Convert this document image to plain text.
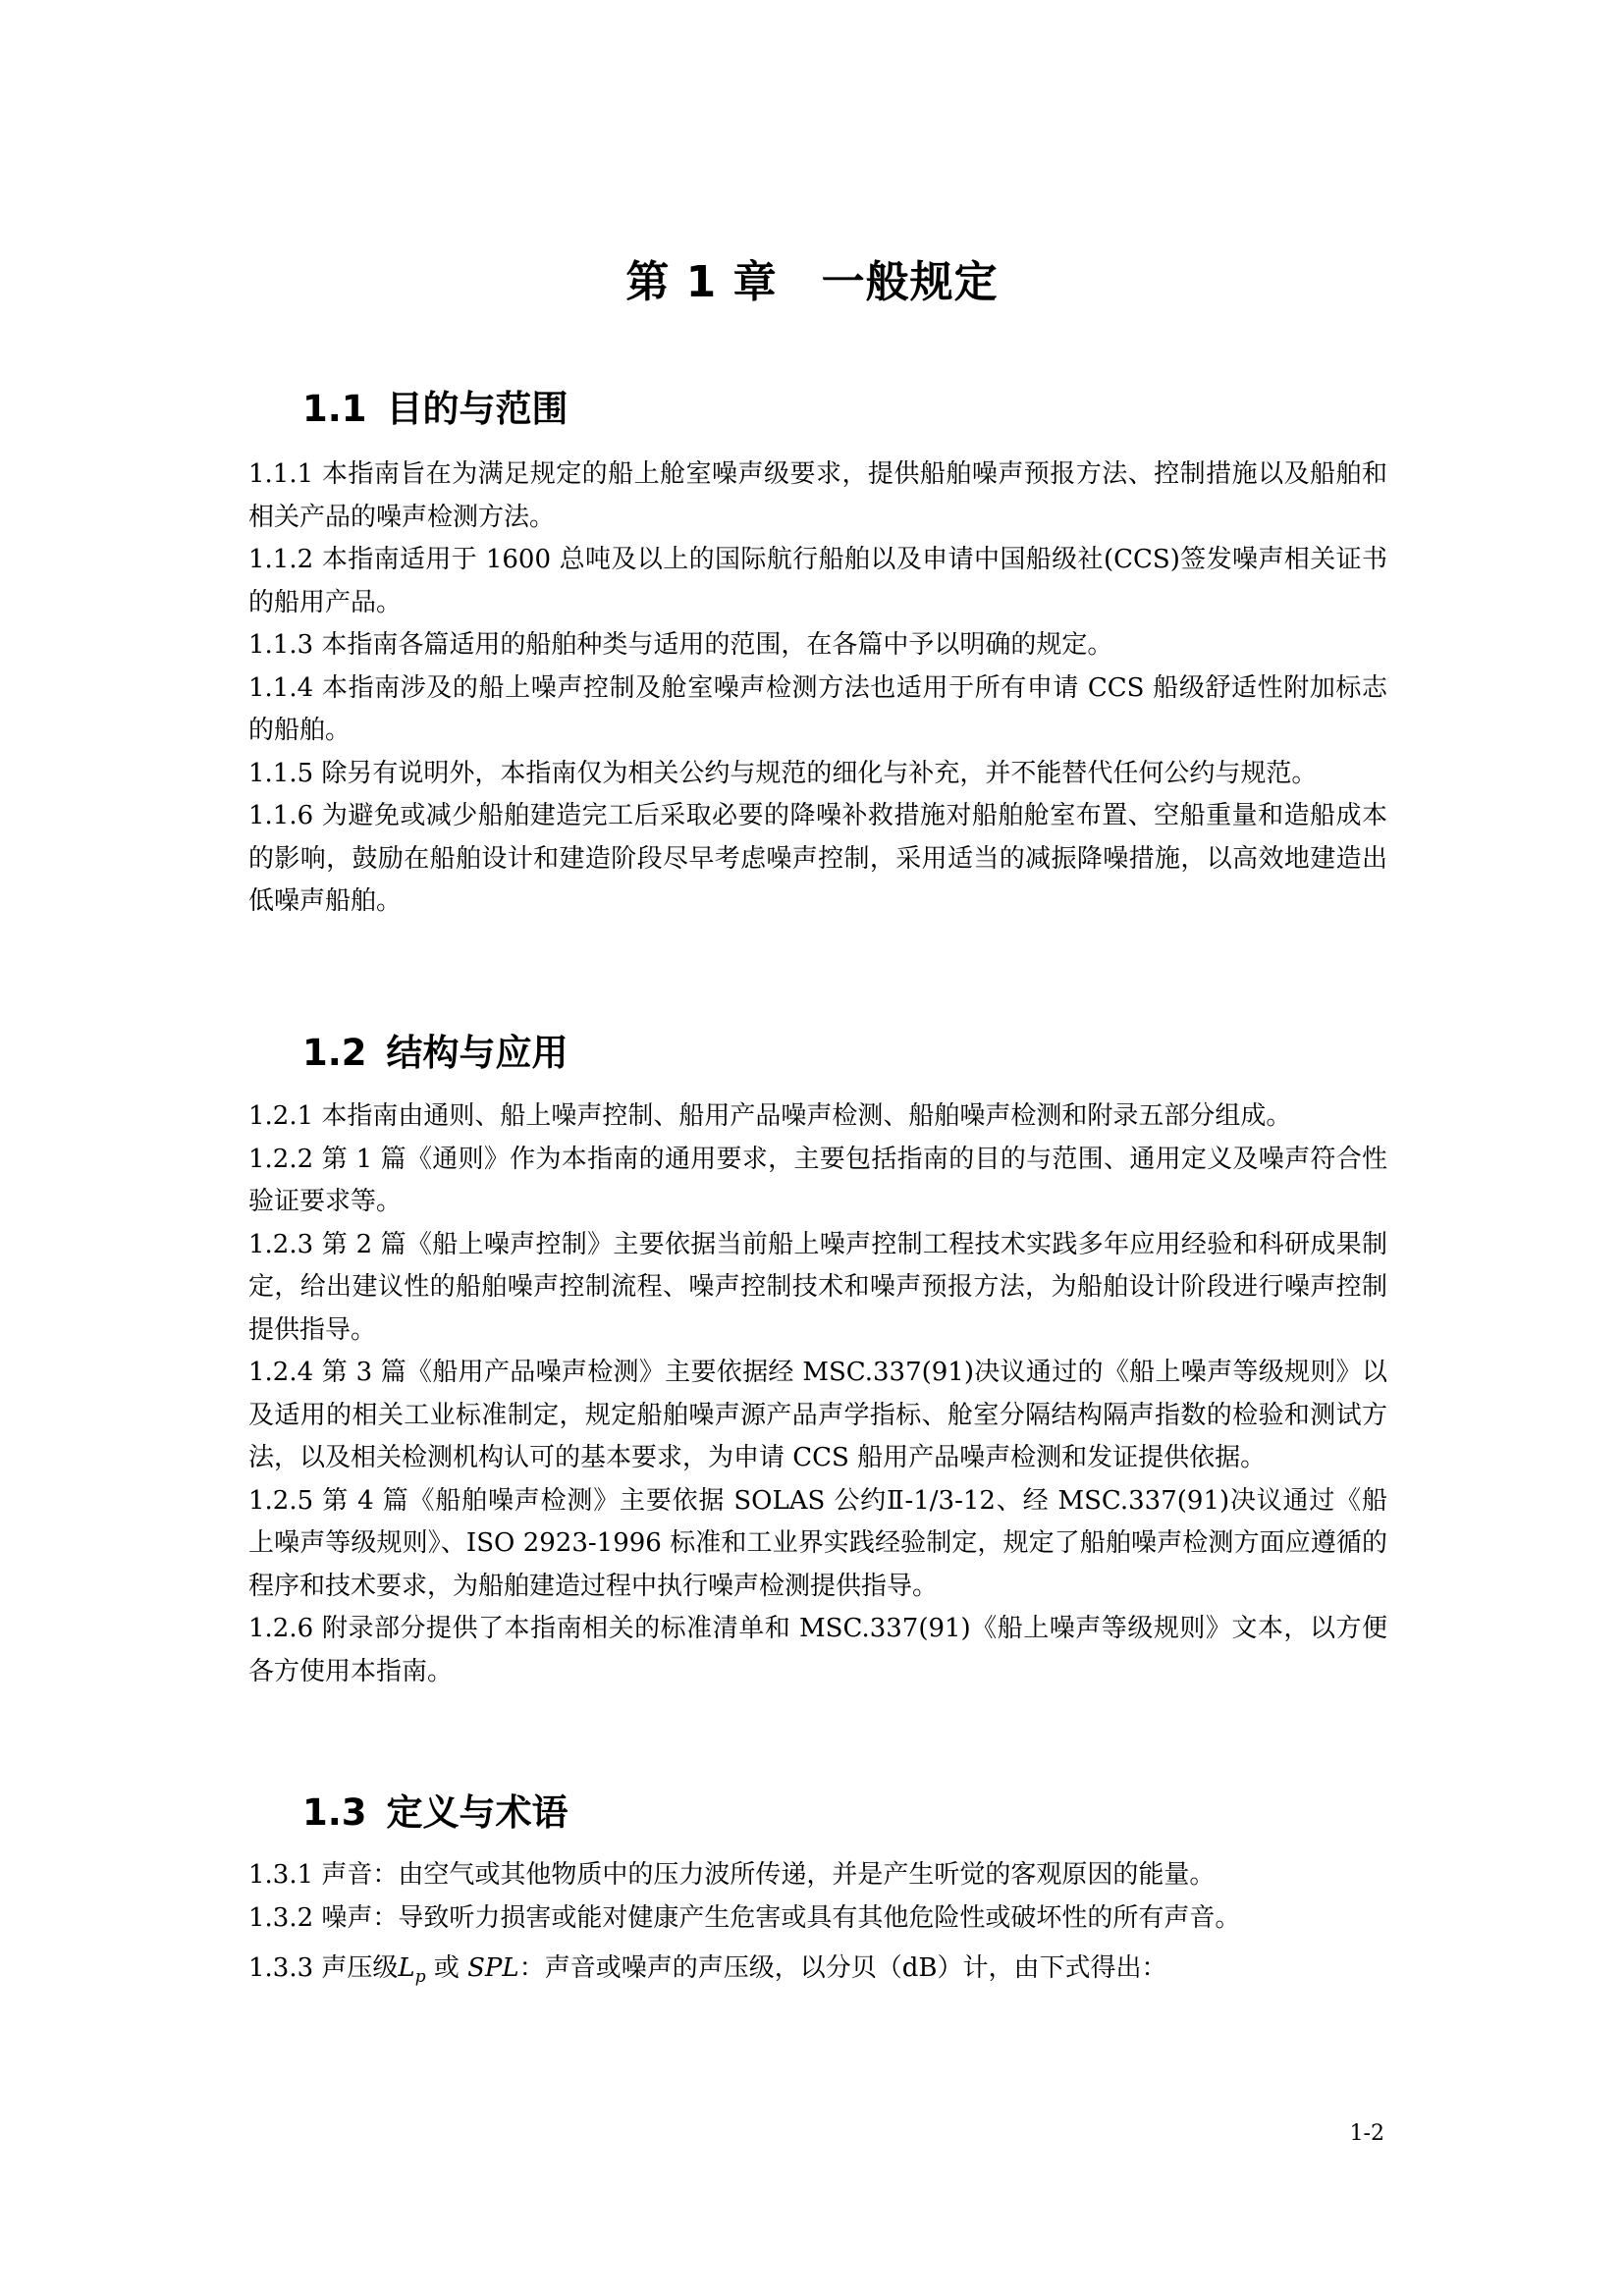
第 1 章　一般规定
1.1 目的与范围

1.1.1 本指南旨在为满足规定的船上舱室噪声级要求，提供船舶噪声预报方法、控制措施以及船舶和相关产品的噪声检测方法。

1.1.2 本指南适用于 1600 总吨及以上的国际航行船舶以及申请中国船级社(CCS)签发噪声相关证书的船用产品。

1.1.3 本指南各篇适用的船舶种类与适用的范围，在各篇中予以明确的规定。

1.1.4 本指南涉及的船上噪声控制及舱室噪声检测方法也适用于所有申请 CCS 船级舒适性附加标志的船舶。

1.1.5 除另有说明外，本指南仅为相关公约与规范的细化与补充，并不能替代任何公约与规范。

1.1.6 为避免或减少船舶建造完工后采取必要的降噪补救措施对船舶舱室布置、空船重量和造船成本的影响，鼓励在船舶设计和建造阶段尽早考虑噪声控制，采用适当的减振降噪措施，以高效地建造出低噪声船舶。

1.2 结构与应用

1.2.1 本指南由通则、船上噪声控制、船用产品噪声检测、船舶噪声检测和附录五部分组成。

1.2.2 第 1 篇《通则》作为本指南的通用要求，主要包括指南的目的与范围、通用定义及噪声符合性验证要求等。

1.2.3 第 2 篇《船上噪声控制》主要依据当前船上噪声控制工程技术实践多年应用经验和科研成果制定，给出建议性的船舶噪声控制流程、噪声控制技术和噪声预报方法，为船舶设计阶段进行噪声控制提供指导。

1.2.4 第 3 篇《船用产品噪声检测》主要依据经 MSC.337(91)决议通过的《船上噪声等级规则》以及适用的相关工业标准制定，规定船舶噪声源产品声学指标、舱室分隔结构隔声指数的检验和测试方法，以及相关检测机构认可的基本要求，为申请 CCS 船用产品噪声检测和发证提供依据。

1.2.5 第 4 篇《船舶噪声检测》主要依据 SOLAS 公约Ⅱ-1/3-12、经 MSC.337(91)决议通过《船上噪声等级规则》、ISO 2923-1996 标准和工业界实践经验制定，规定了船舶噪声检测方面应遵循的程序和技术要求，为船舶建造过程中执行噪声检测提供指导。

1.2.6 附录部分提供了本指南相关的标准清单和 MSC.337(91)《船上噪声等级规则》文本，以方便各方使用本指南。

1.3 定义与术语

1.3.1 声音：由空气或其他物质中的压力波所传递，并是产生听觉的客观原因的能量。

1.3.2 噪声：导致听力损害或能对健康产生危害或具有其他危险性或破坏性的所有声音。

1.3.3 声压级$L_p$ 或 SPL：声音或噪声的声压级，以分贝（dB）计，由下式得出：

1-2
